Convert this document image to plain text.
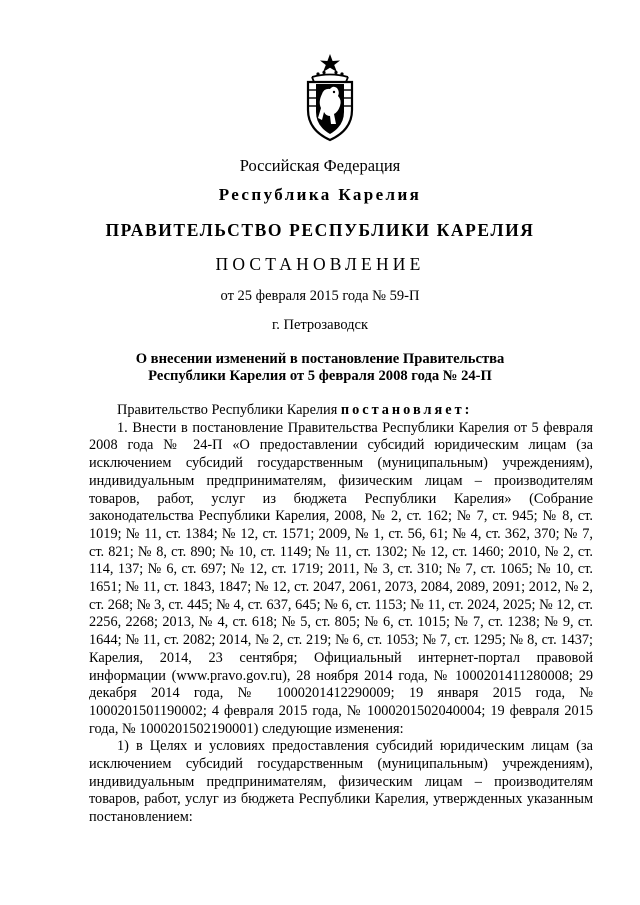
Российская Федерация
Республика Карелия
ПРАВИТЕЛЬСТВО РЕСПУБЛИКИ КАРЕЛИЯ
ПОСТАНОВЛЕНИЕ
от 25 февраля 2015 года № 59-П
г. Петрозаводск
О внесении изменений в постановление Правительства
Республики Карелия от 5 февраля 2008 года № 24-П

Правительство Республики Карелия постановляет:

1. Внести в постановление Правительства Республики Карелия от 5 февраля 2008 года № 24-П «О предоставлении субсидий юридическим лицам (за исключением субсидий государственным (муниципальным) учреждениям), индивидуальным предпринимателям, физическим лицам – производителям товаров, работ, услуг из бюджета Республики Карелия» (Собрание законодательства Республики Карелия, 2008, № 2, ст. 162; № 7, ст. 945; № 8, ст. 1019; № 11, ст. 1384; № 12, ст. 1571; 2009, № 1, ст. 56, 61; № 4, ст. 362, 370; № 7, ст. 821; № 8, ст. 890; № 10, ст. 1149; № 11, ст. 1302; № 12, ст. 1460; 2010, № 2, ст. 114, 137; № 6, ст. 697; № 12, ст. 1719; 2011, № 3, ст. 310; № 7, ст. 1065; № 10, ст. 1651; № 11, ст. 1843, 1847; № 12, ст. 2047, 2061, 2073, 2084, 2089, 2091; 2012, № 2, ст. 268; № 3, ст. 445; № 4, ст. 637, 645; № 6, ст. 1153; № 11, ст. 2024, 2025; № 12, ст. 2256, 2268; 2013, № 4, ст. 618; № 5, ст. 805; № 6, ст. 1015; № 7, ст. 1238; № 9, ст. 1644; № 11, ст. 2082; 2014, № 2, ст. 219; № 6, ст. 1053; № 7, ст. 1295; № 8, ст. 1437; Карелия, 2014, 23 сентября; Официальный интернет-портал правовой информации (www.pravo.gov.ru), 28 ноября 2014 года, № 1000201411280008; 29 декабря 2014 года, № 1000201412290009; 19 января 2015 года, № 1000201501190002; 4 февраля 2015 года, № 1000201502040004; 19 февраля 2015 года, № 1000201502190001) следующие изменения:

1) в Целях и условиях предоставления субсидий юридическим лицам (за исключением субсидий государственным (муниципальным) учреждениям), индивидуальным предпринимателям, физическим лицам – производителям товаров, работ, услуг из бюджета Республики Карелия, утвержденных указанным постановлением:
